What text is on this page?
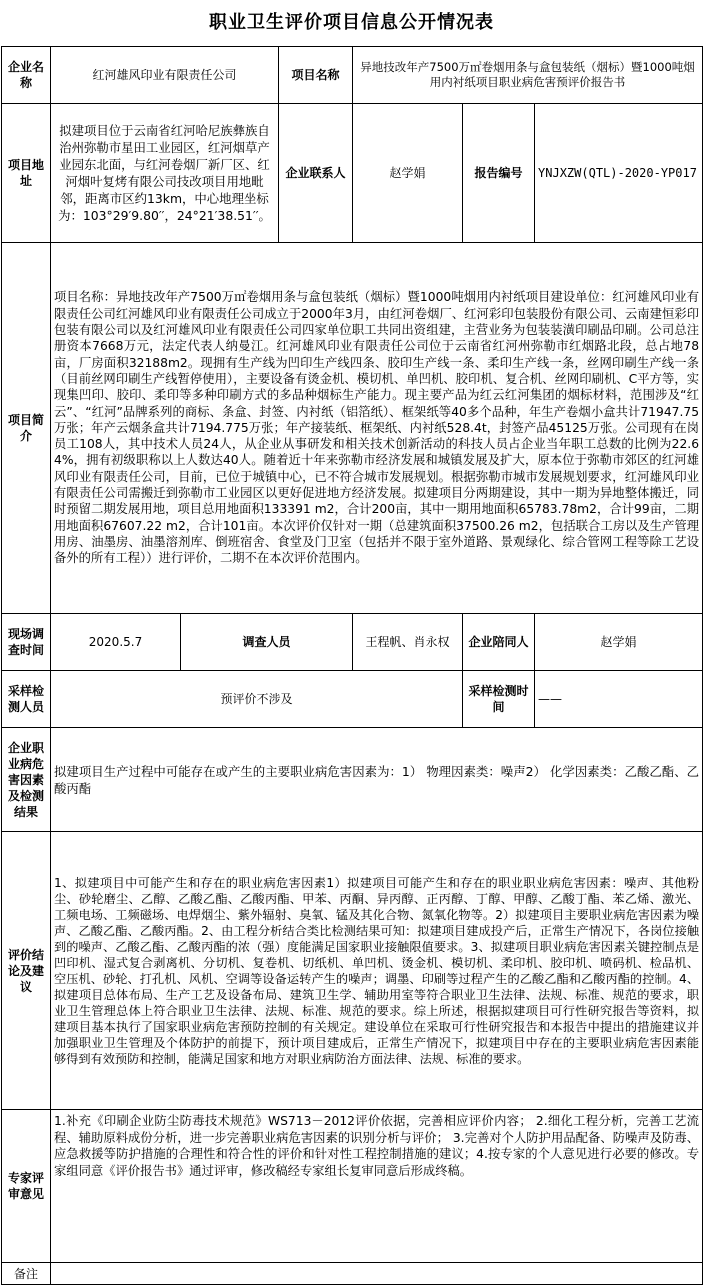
职业卫生评价项目信息公开情况表
企业名称	红河雄风印业有限责任公司		项目名称	异地技改年产7500万㎡卷烟用条与盒包装纸（烟标）暨1000吨烟用内衬纸项目职业病危害预评价报告书		
项目地址	拟建项目位于云南省红河哈尼族彝族自治州弥勒市星田工业园区，红河烟草产业园东北面，与红河卷烟厂新厂区、红河烟叶复烤有限公司技改项目用地毗邻，距离市区约13km，中心地理坐标为：103°29′9.80′′，24°21′38.51′′。		企业联系人	赵学娟	报告编号	YNJXZW(QTL)-2020-YP017
项目简介	项目名称：异地技改年产7500万㎡卷烟用条与盒包装纸（烟标）暨1000吨烟用内衬纸项目建设单位：红河雄风印业有限责任公司红河雄风印业有限责任公司成立于2000年3月，由红河卷烟厂、红河彩印包装股份有限公司、云南建恒彩印包装有限公司以及红河雄风印业有限责任公司四家单位职工共同出资组建，主营业务为包装装潢印刷品印刷。公司总注册资本7668万元，法定代表人纳曼江。红河雄风印业有限责任公司位于云南省红河州弥勒市红烟路北段，总占地78亩，厂房面积32188m2。现拥有生产线为凹印生产线四条、胶印生产线一条、柔印生产线一条，丝网印刷生产线一条（目前丝网印刷生产线暂停使用），主要设备有烫金机、模切机、单凹机、胶印机、复合机、丝网印刷机、C平方等，实现集凹印、胶印、柔印等多种印刷方式的多品种烟标生产能力。现主要产品为红云红河集团的烟标材料，范围涉及“红云”、“红河”品牌系列的商标、条盒、封签、内衬纸（铝箔纸）、框架纸等40多个品种，年生产卷烟小盒共计71947.75万张；年产云烟条盒共计7194.775万张；年产接装纸、框架纸、内衬纸528.4t，封签产品45125万张。公司现有在岗员工108人，其中技术人员24人，从企业从事研发和相关技术创新活动的科技人员占企业当年职工总数的比例为22.64%，拥有初级职称以上人数达40人。随着近十年来弥勒市经济发展和城镇发展及扩大，原本位于弥勒市郊区的红河雄风印业有限责任公司，目前，已位于城镇中心，已不符合城市发展规划。根据弥勒市城市发展规划要求，红河雄风印业有限责任公司需搬迁到弥勒市工业园区以更好促进地方经济发展。拟建项目分两期建设，其中一期为异地整体搬迁，同时预留二期发展用地，项目总用地面积133391 m2，合计200亩，其中一期用地面积65783.78m2，合计99亩，二期用地面积67607.22 m2，合计101亩。本次评价仅针对一期（总建筑面积37500.26 m2，包括联合工房以及生产管理用房、油墨房、油墨溶剂库、倒班宿舍、食堂及门卫室（包括并不限于室外道路、景观绿化、综合管网工程等除工艺设备外的所有工程））进行评价，二期不在本次评价范围内。					
现场调查时间	2020.5.7	调查人员		王程帆、肖永权	企业陪同人	赵学娟
采样检测人员	预评价不涉及				采样检测时间	——
企业职业病危害因素及检测结果	拟建项目生产过程中可能存在或产生的主要职业病危害因素为：1） 物理因素类：噪声2） 化学因素类：乙酸乙酯、乙酸丙酯					
评价结论及建议	1、拟建项目中可能产生和存在的职业病危害因素1）拟建项目可能产生和存在的职业职业病危害因素：噪声、其他粉尘、砂轮磨尘、乙醇、乙酸乙酯、乙酸丙酯、甲苯、丙酮、异丙醇、正丙醇、丁醇、甲醇、乙酸丁酯、苯乙烯、激光、工频电场、工频磁场、电焊烟尘、紫外辐射、臭氧、锰及其化合物、氮氧化物等。2）拟建项目主要职业病危害因素为噪声、乙酸乙酯、乙酸丙酯。2、由工程分析结合类比检测结果可知：拟建项目建成投产后，正常生产情况下，各岗位接触到的噪声、乙酸乙酯、乙酸丙酯的浓（强）度能满足国家职业接触限值要求。3、拟建项目职业病危害因素关键控制点是凹印机、湿式复合剥离机、分切机、复卷机、切纸机、单凹机、烫金机、模切机、柔印机、胶印机、喷码机、检品机、空压机、砂轮、打孔机、风机、空调等设备运转产生的噪声；调墨、印刷等过程产生的乙酸乙酯和乙酸丙酯的控制。4、拟建项目总体布局、生产工艺及设备布局、建筑卫生学、辅助用室等符合职业卫生法律、法规、标准、规范的要求，职业卫生管理总体上符合职业卫生法律、法规、标准、规范的要求。综上所述，根据拟建项目可行性研究报告等资料，拟建项目基本执行了国家职业病危害预防控制的有关规定。建设单位在采取可行性研究报告和本报告中提出的措施建议并加强职业卫生管理及个体防护的前提下，预计项目建成后，正常生产情况下，拟建项目中存在的主要职业病危害因素能够得到有效预防和控制，能满足国家和地方对职业病防治方面法律、法规、标准的要求。					
专家评审意见	1.补充《印刷企业防尘防毒技术规范》WS713－2012评价依据，完善相应评价内容； 2.细化工程分析，完善工艺流程、辅助原料成份分析，进一步完善职业病危害因素的识别分析与评价； 3.完善对个人防护用品配备、防噪声及防毒、应急救援等防护措施的合理性和符合性的评价和针对性工程控制措施的建议；4.按专家的个人意见进行必要的修改。专家组同意《评价报告书》通过评审，修改稿经专家组长复审同意后形成终稿。					
备注						
